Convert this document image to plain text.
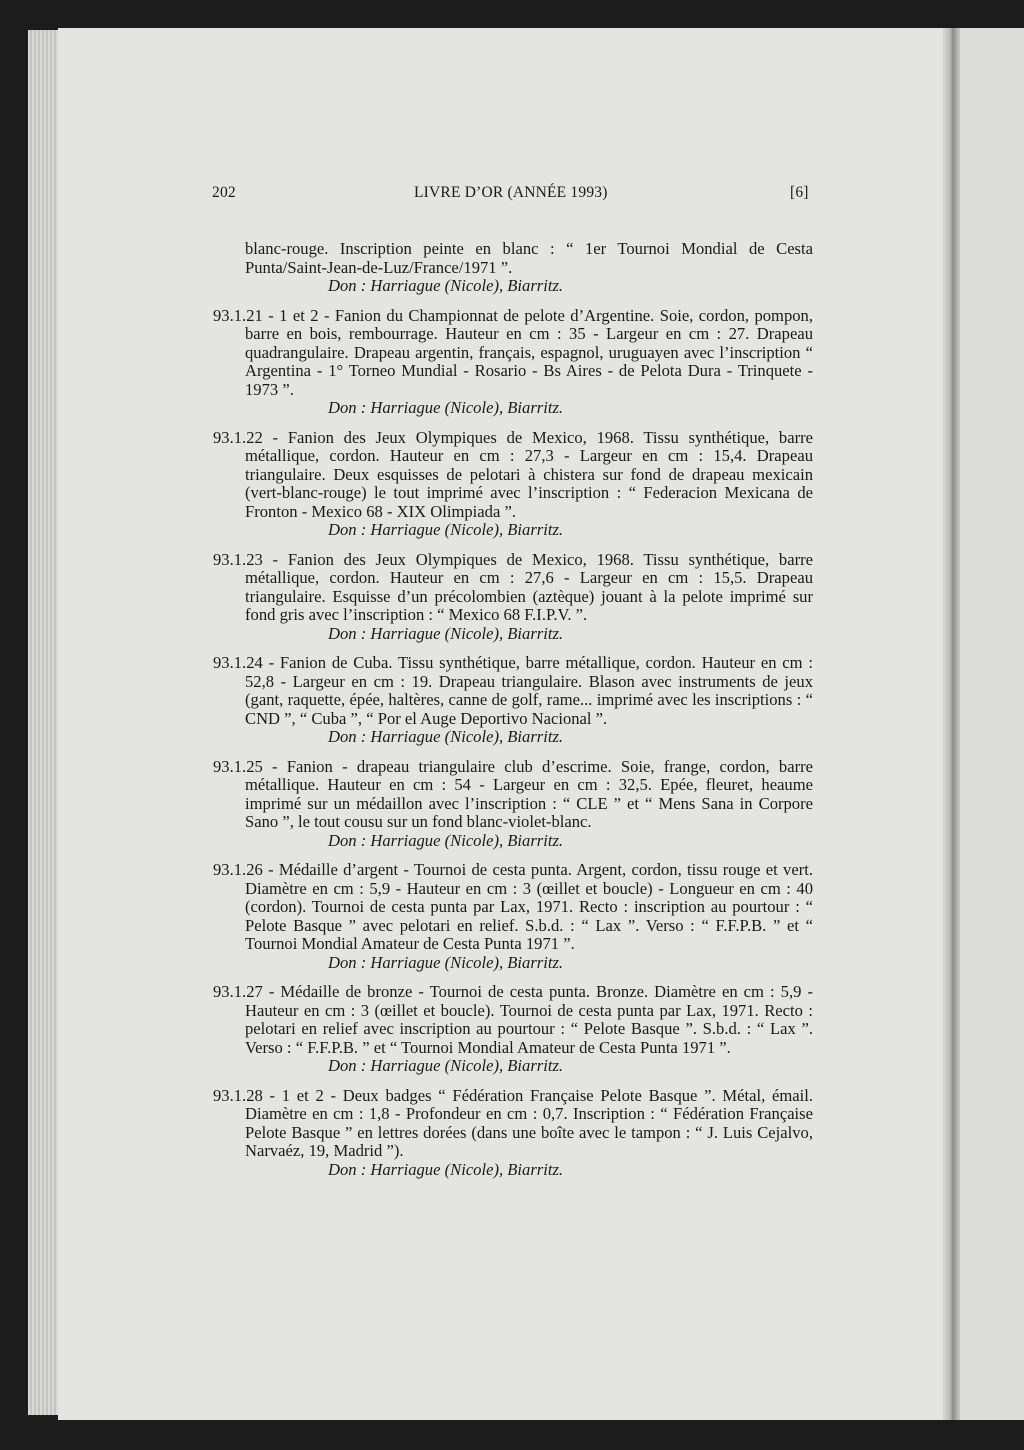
202	LIVRE D’OR (ANNÉE 1993)	[6]

blanc-rouge. Inscription peinte en blanc : “ 1er Tournoi Mondial de Cesta Punta/Saint-Jean-de-Luz/France/1971 ”.

Don : Harriague (Nicole), Biarritz.

93.1.21 - 1 et 2 - Fanion du Championnat de pelote d’Argentine. Soie, cordon, pompon, barre en bois, rembourrage. Hauteur en cm : 35 - Largeur en cm : 27. Drapeau quadrangulaire. Drapeau argentin, français, espagnol, uruguayen avec l’inscription “ Argentina - 1° Torneo Mundial - Rosario - Bs Aires - de Pelota Dura - Trinquete - 1973 ”.

Don : Harriague (Nicole), Biarritz.

93.1.22 - Fanion des Jeux Olympiques de Mexico, 1968. Tissu synthétique, barre métallique, cordon. Hauteur en cm : 27,3 - Largeur en cm : 15,4. Drapeau triangulaire. Deux esquisses de pelotari à chistera sur fond de drapeau mexicain (vert-blanc-rouge) le tout imprimé avec l’inscription : “ Federacion Mexicana de Fronton - Mexico 68 - XIX Olimpiada ”.

Don : Harriague (Nicole), Biarritz.

93.1.23 - Fanion des Jeux Olympiques de Mexico, 1968. Tissu synthétique, barre métallique, cordon. Hauteur en cm : 27,6 - Largeur en cm : 15,5. Drapeau triangulaire. Esquisse d’un précolombien (aztèque) jouant à la pelote imprimé sur fond gris avec l’inscription : “ Mexico 68 F.I.P.V. ”.

Don : Harriague (Nicole), Biarritz.

93.1.24 - Fanion de Cuba. Tissu synthétique, barre métallique, cordon. Hauteur en cm : 52,8 - Largeur en cm : 19. Drapeau triangulaire. Blason avec instruments de jeux (gant, raquette, épée, haltères, canne de golf, rame... imprimé avec les inscriptions : “ CND ”, “ Cuba ”, “ Por el Auge Deportivo Nacional ”.

Don : Harriague (Nicole), Biarritz.

93.1.25 - Fanion - drapeau triangulaire club d’escrime. Soie, frange, cordon, barre métallique. Hauteur en cm : 54 - Largeur en cm : 32,5. Epée, fleuret, heaume imprimé sur un médaillon avec l’inscription : “ CLE ” et “ Mens Sana in Corpore Sano ”, le tout cousu sur un fond blanc-violet-blanc.

Don : Harriague (Nicole), Biarritz.

93.1.26 - Médaille d’argent - Tournoi de cesta punta. Argent, cordon, tissu rouge et vert. Diamètre en cm : 5,9 - Hauteur en cm : 3 (œillet et boucle) - Longueur en cm : 40 (cordon). Tournoi de cesta punta par Lax, 1971. Recto : inscription au pourtour : “ Pelote Basque ” avec pelotari en relief. S.b.d. : “ Lax ”. Verso : “ F.F.P.B. ” et “ Tournoi Mondial Amateur de Cesta Punta 1971 ”.

Don : Harriague (Nicole), Biarritz.

93.1.27 - Médaille de bronze - Tournoi de cesta punta. Bronze. Diamètre en cm : 5,9 - Hauteur en cm : 3 (œillet et boucle). Tournoi de cesta punta par Lax, 1971. Recto : pelotari en relief avec inscription au pourtour : “ Pelote Basque ”. S.b.d. : “ Lax ”. Verso : “ F.F.P.B. ” et “ Tournoi Mondial Amateur de Cesta Punta 1971 ”.

Don : Harriague (Nicole), Biarritz.

93.1.28 - 1 et 2 - Deux badges “ Fédération Française Pelote Basque ”. Métal, émail. Diamètre en cm : 1,8 - Profondeur en cm : 0,7. Inscription : “ Fédération Française Pelote Basque ” en lettres dorées (dans une boîte avec le tampon : “ J. Luis Cejalvo, Narvaéz, 19, Madrid ”).

Don : Harriague (Nicole), Biarritz.
